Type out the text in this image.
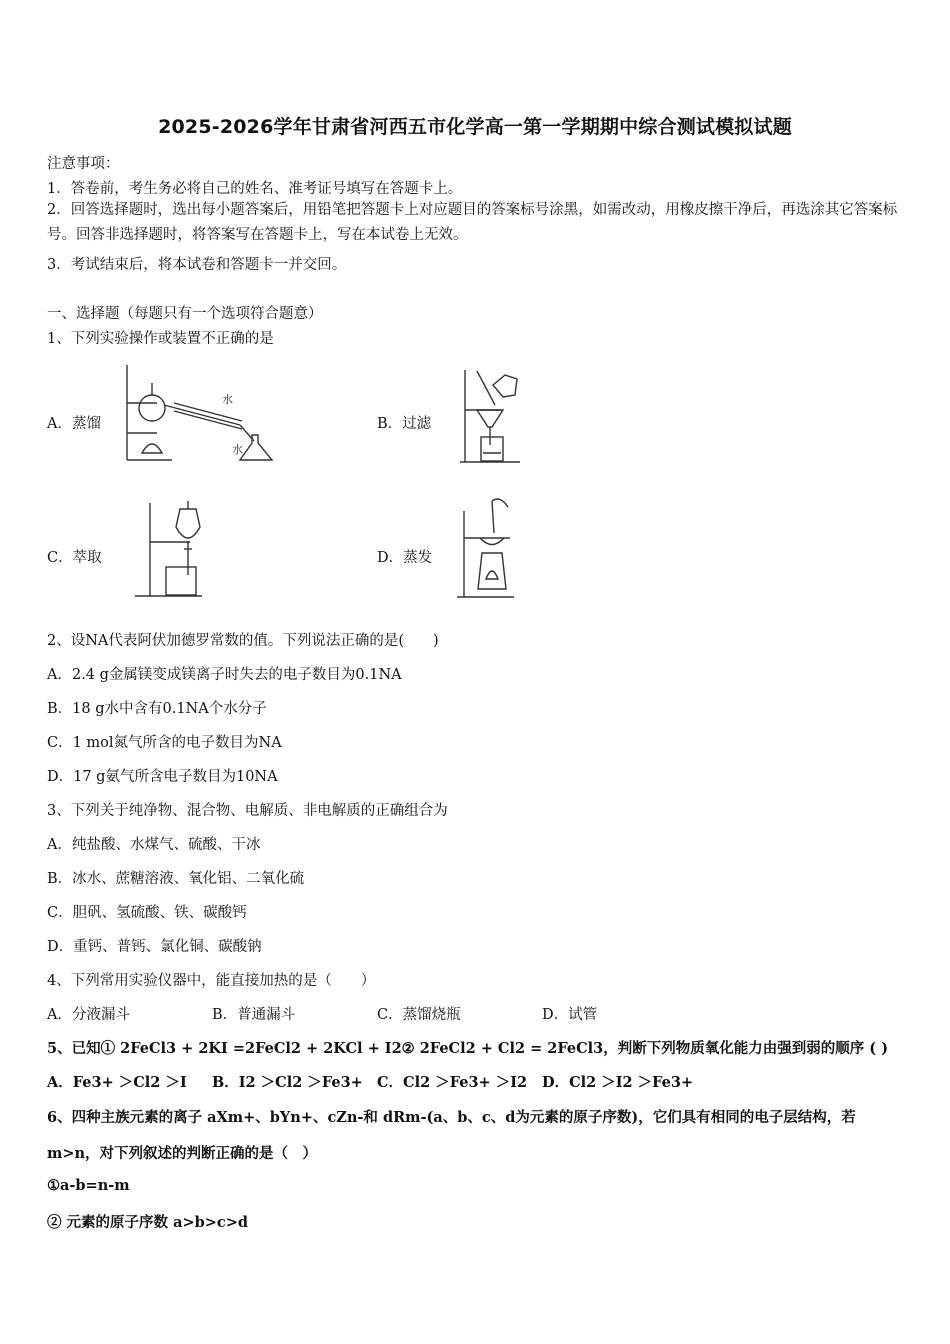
2025-2026学年甘肃省河西五市化学高一第一学期期中综合测试模拟试题
注意事项：
1．答卷前，考生务必将自己的姓名、准考证号填写在答题卡上。
2．回答选择题时，选出每小题答案后，用铅笔把答题卡上对应题目的答案标号涂黑，如需改动，用橡皮擦干净后，再选涂其它答案标号。回答非选择题时，将答案写在答题卡上，写在本试卷上无效。
3．考试结束后，将本试卷和答题卡一并交回。
一、选择题（每题只有一个选项符合题意）
1、下列实验操作或装置不正确的是
A．蒸馏
水
水
B．过滤
C．萃取	D．蒸发
2、设NA代表阿伏加德罗常数的值。下列说法正确的是(　　)
A．2.4 g金属镁变成镁离子时失去的电子数目为0.1NA
B．18 g水中含有0.1NA个水分子
C．1 mol氮气所含的电子数目为NA
D．17 g氨气所含电子数目为10NA
3、下列关于纯净物、混合物、电解质、非电解质的正确组合为
A．纯盐酸、水煤气、硫酸、干冰
B．冰水、蔗糖溶液、氧化铝、二氧化硫
C．胆矾、氢硫酸、铁、碳酸钙
D．重钙、普钙、氯化铜、碳酸钠
4、下列常用实验仪器中，能直接加热的是（　　）
A．分液漏斗	B．普通漏斗	C．蒸馏烧瓶	D．试管
5、已知① 2FeCl3 + 2KI =2FeCl2 + 2KCl + I2② 2FeCl2 + Cl2 = 2FeCl3，判断下列物质氧化能力由强到弱的顺序 ( )
A．Fe3+ ＞Cl2 ＞I B．I2 ＞Cl2 ＞Fe3+ C．Cl2 ＞Fe3+ ＞I2 D．Cl2 ＞I2 ＞Fe3+
6、四种主族元素的离子 aXm+、bYn+、cZn-和 dRm-(a、b、c、d为元素的原子序数)，它们具有相同的电子层结构，若 m>n，对下列叙述的判断正确的是（　）
①a-b=n-m
② 元素的原子序数 a>b>c>d
